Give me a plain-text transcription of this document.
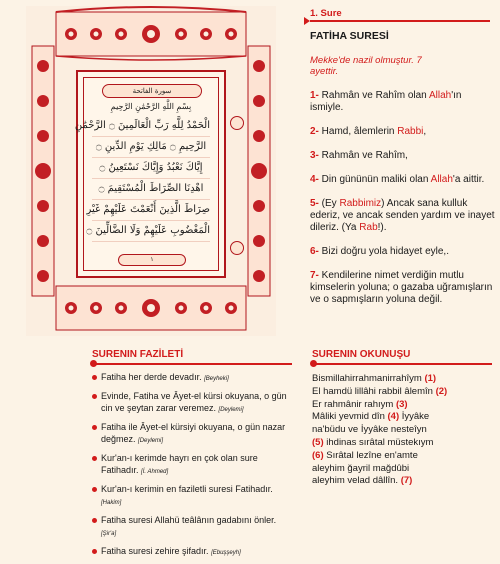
سورة الفاتحة
بِسْمِ اللَّهِ الرَّحْمَٰنِ الرَّحِيمِ
الْحَمْدُ لِلَّهِ رَبِّ الْعَالَمِينَ ۝ الرَّحْمَٰنِ
الرَّحِيمِ ۝ مَالِكِ يَوْمِ الدِّينِ ۝
إِيَّاكَ نَعْبُدُ وَإِيَّاكَ نَسْتَعِينُ ۝
اهْدِنَا الصِّرَاطَ الْمُسْتَقِيمَ ۝
صِرَاطَ الَّذِينَ أَنْعَمْتَ عَلَيْهِمْ غَيْرِ
الْمَغْضُوبِ عَلَيْهِمْ وَلَا الضَّالِّينَ ۝
١
1. Sure
FATİHA SURESİ
Mekke'de nazil olmuştur. 7 ayettir.
1- Rahmân ve Rahîm olan Allah'ın ismiyle.
2- Hamd, âlemlerin Rabbi,
3- Rahmân ve Rahîm,
4- Din gününün maliki olan Allah'a aittir.
5- (Ey Rabbimiz) Ancak sana kulluk ederiz, ve ancak senden yardım ve inayet dileriz. (Ya Rab!).
6- Bizi doğru yola hidayet eyle,.
7- Kendilerine nimet verdiğin mutlu kimselerin yoluna; o gazaba uğramışların ve o sapmışların yoluna değil.
SURENIN FAZİLETİ
Fatiha her derde devadır. [Beyheki]
Evinde, Fatiha ve Âyet-el kürsi okuyana, o gün cin ve şeytan zarar veremez. [Deylemi]
Fatiha ile Âyet-el kürsiyi okuyana, o gün nazar değmez. [Deylemi]
Kur'an-ı kerimde hayrı en çok olan sure Fatihadır. [İ. Ahmed]
Kur'an-ı kerimin en faziletli suresi Fatihadır. [Hakim]
Fatiha suresi Allahü teâlânın gadabını önler. [Şir'a]
Fatiha suresi zehire şifadır. [Ebuşşeyh]
SURENIN OKUNUŞU
Bismillahirrahmanirrahîym (1)
El hamdü lillâhi rabbil âlemîn (2)
Er rahmânir rahıym (3)
Mâliki yevmid dîn (4) İyyâke
na'büdu ve İyyâke nesteîyn
(5) ihdinas sırâtal müstekıym
(6) Sırâtal lezîne en'amte
aleyhim ğayril mağdûbi
aleyhim velad dâllîn. (7)
